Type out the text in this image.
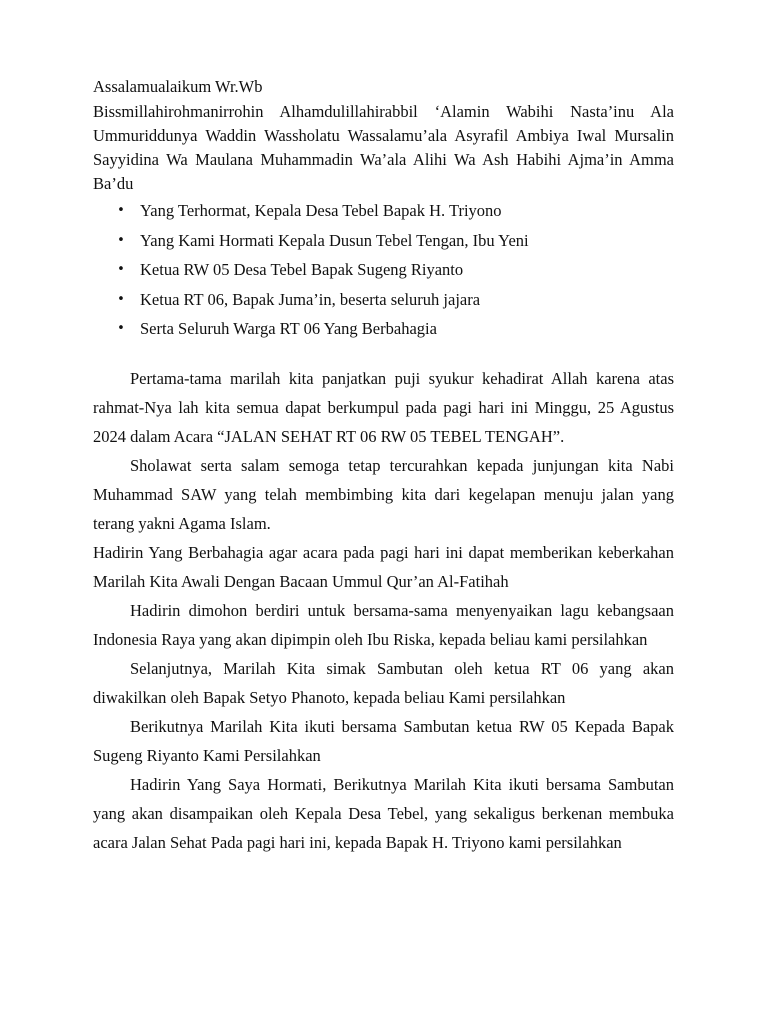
Assalamualaikum Wr.Wb

Bissmillahirohmanirrohin Alhamdulillahirabbil ‘Alamin Wabihi Nasta’inu Ala Ummuriddunya Waddin Wassholatu Wassalamu’ala Asyrafil Ambiya Iwal Mursalin Sayyidina Wa Maulana Muhammadin Wa’ala Alihi Wa Ash Habihi Ajma’in Amma Ba’du

• Yang Terhormat, Kepala Desa Tebel Bapak H. Triyono
• Yang Kami Hormati Kepala Dusun Tebel Tengan, Ibu Yeni
• Ketua RW 05 Desa Tebel Bapak Sugeng Riyanto
• Ketua RT 06, Bapak Juma’in, beserta seluruh jajara
• Serta Seluruh Warga RT 06 Yang Berbahagia

Pertama-tama marilah kita panjatkan puji syukur kehadirat Allah karena atas rahmat-Nya lah kita semua dapat berkumpul pada pagi hari ini Minggu, 25 Agustus 2024 dalam Acara “JALAN SEHAT RT 06 RW 05 TEBEL TENGAH”.

Sholawat serta salam semoga tetap tercurahkan kepada junjungan kita Nabi Muhammad SAW yang telah membimbing kita dari kegelapan menuju jalan yang terang yakni Agama Islam.

Hadirin Yang Berbahagia agar acara pada pagi hari ini dapat memberikan keberkahan Marilah Kita Awali Dengan Bacaan Ummul Qur’an Al-Fatihah

Hadirin dimohon berdiri untuk bersama-sama menyenyaikan lagu kebangsaan Indonesia Raya yang akan dipimpin oleh Ibu Riska, kepada beliau kami persilahkan

Selanjutnya, Marilah Kita simak Sambutan oleh ketua RT 06 yang akan diwakilkan oleh Bapak Setyo Phanoto, kepada beliau Kami persilahkan

Berikutnya Marilah Kita ikuti bersama Sambutan ketua RW 05 Kepada Bapak Sugeng Riyanto Kami Persilahkan

Hadirin Yang Saya Hormati, Berikutnya Marilah Kita ikuti bersama Sambutan yang akan disampaikan oleh Kepala Desa Tebel, yang sekaligus berkenan membuka acara Jalan Sehat Pada pagi hari ini, kepada Bapak H. Triyono kami persilahkan
